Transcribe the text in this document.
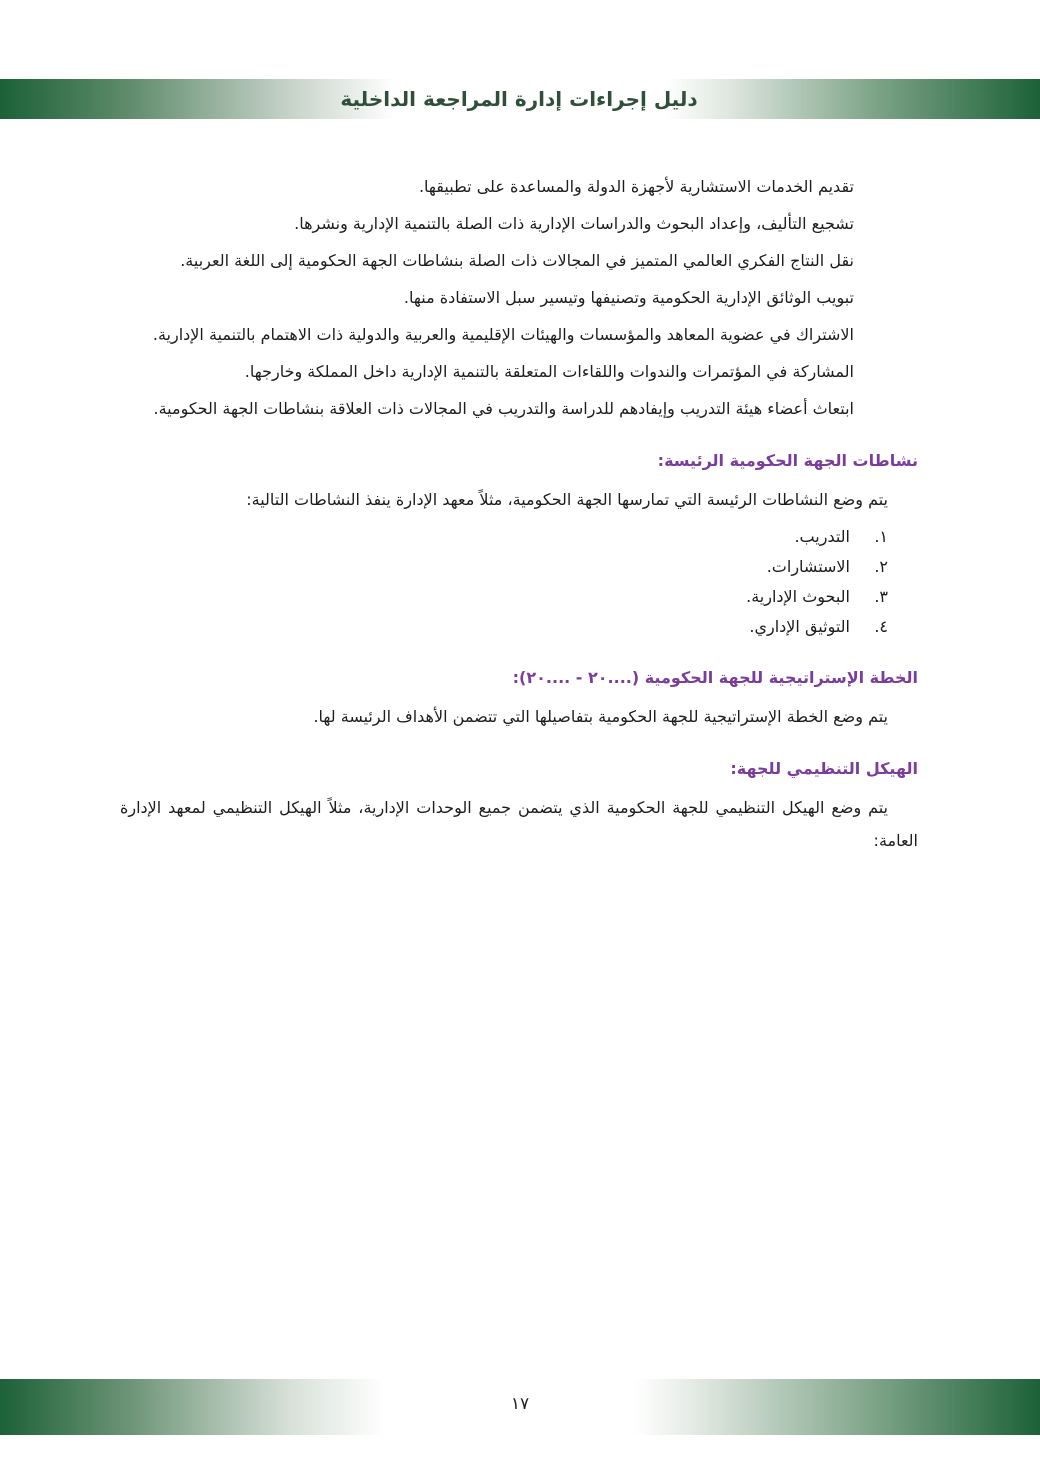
دليل إجراءات إدارة المراجعة الداخلية
تقديم الخدمات الاستشارية لأجهزة الدولة والمساعدة على تطبيقها.
تشجيع التأليف، وإعداد البحوث والدراسات الإدارية ذات الصلة بالتنمية الإدارية ونشرها.
نقل النتاج الفكري العالمي المتميز في المجالات ذات الصلة بنشاطات الجهة الحكومية إلى اللغة العربية.
تبويب الوثائق الإدارية الحكومية وتصنيفها وتيسير سبل الاستفادة منها.
الاشتراك في عضوية المعاهد والمؤسسات والهيئات الإقليمية والعربية والدولية ذات الاهتمام بالتنمية الإدارية.
المشاركة في المؤتمرات والندوات واللقاءات المتعلقة بالتنمية الإدارية داخل المملكة وخارجها.
ابتعاث أعضاء هيئة التدريب وإيفادهم للدراسة والتدريب في المجالات ذات العلاقة بنشاطات الجهة الحكومية.
نشاطات الجهة الحكومية الرئيسة:

يتم وضع النشاطات الرئيسة التي تمارسها الجهة الحكومية، مثلاً معهد الإدارة ينفذ النشاطات التالية:

١.التدريب.
٢.الاستشارات.
٣.البحوث الإدارية.
٤.التوثيق الإداري.
الخطة الإستراتيجية للجهة الحكومية (....٢٠ - ....٢٠):

يتم وضع الخطة الإستراتيجية للجهة الحكومية بتفاصيلها التي تتضمن الأهداف الرئيسة لها.

الهيكل التنظيمي للجهة:

يتم وضع الهيكل التنظيمي للجهة الحكومية الذي يتضمن جميع الوحدات الإدارية، مثلاً الهيكل التنظيمي لمعهد الإدارة العامة:

١٧
